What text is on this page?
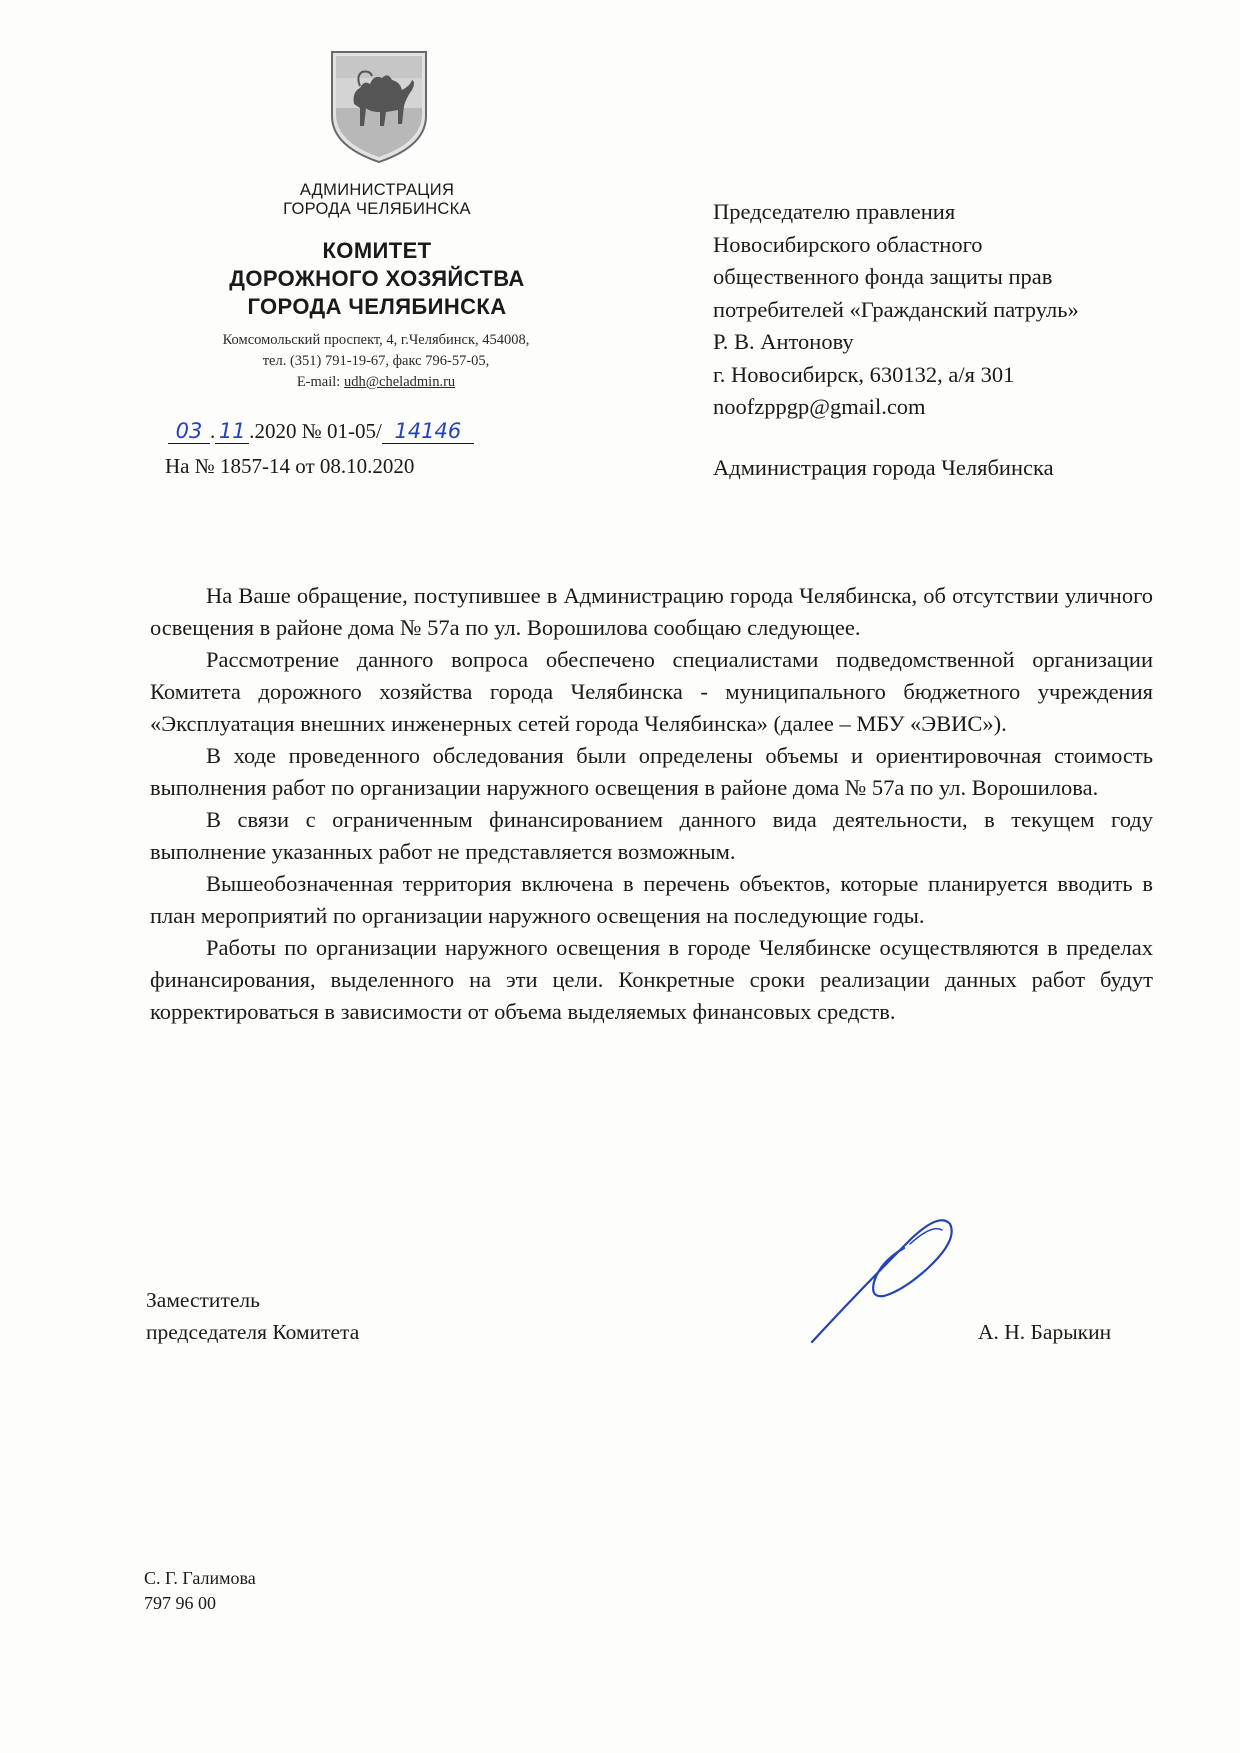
АДМИНИСТРАЦИЯ
ГОРОДА ЧЕЛЯБИНСКА
КОМИТЕТ
ДОРОЖНОГО ХОЗЯЙСТВА
ГОРОДА ЧЕЛЯБИНСКА
Комсомольский проспект, 4, г.Челябинск, 454008,
тел. (351) 791-19-67, факс 796-57-05,
E-mail: udh@cheladmin.ru
03 . 11 .2020 № 01-05/ 14146
На № 1857-14 от 08.10.2020
Председателю правления
Новосибирского областного
общественного фонда защиты прав
потребителей «Гражданский патруль»
Р. В. Антонову
г. Новосибирск, 630132, а/я 301
noofzppgp@gmail.com
Администрация города Челябинска

На Ваше обращение, поступившее в Администрацию города Челябинска, об отсутствии уличного освещения в районе дома № 57а по ул. Ворошилова сообщаю следующее.

Рассмотрение данного вопроса обеспечено специалистами подведомственной организации Комитета дорожного хозяйства города Челябинска - муниципального бюджетного учреждения «Эксплуатация внешних инженерных сетей города Челябинска» (далее – МБУ «ЭВИС»).

В ходе проведенного обследования были определены объемы и ориентировочная стоимость выполнения работ по организации наружного освещения в районе дома № 57а по ул. Ворошилова.

В связи с ограниченным финансированием данного вида деятельности, в текущем году выполнение указанных работ не представляется возможным.

Вышеобозначенная территория включена в перечень объектов, которые планируется вводить в план мероприятий по организации наружного освещения на последующие годы.

Работы по организации наружного освещения в городе Челябинске осуществляются в пределах финансирования, выделенного на эти цели. Конкретные сроки реализации данных работ будут корректироваться в зависимости от объема выделяемых финансовых средств.

Заместитель
председателя Комитета	А. Н. Барыкин
С. Г. Галимова
797 96 00
